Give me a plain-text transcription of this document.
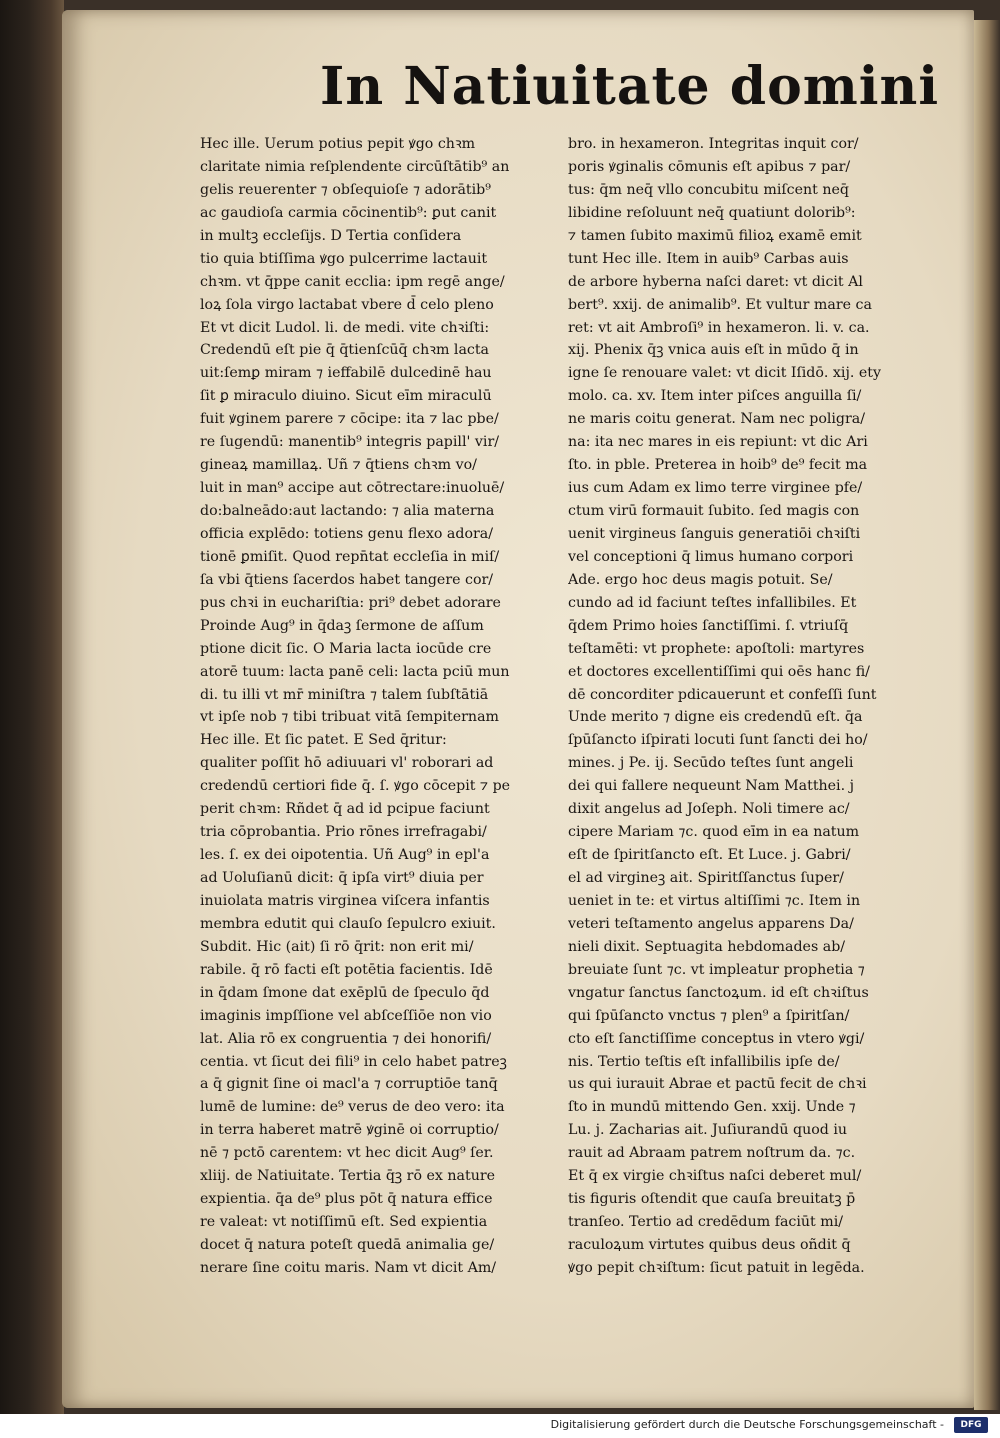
In Natiuitate domini
Hec ille. Uerum potius pepit ꝟgo chꝛm
claritate nimia reſplendente circūſtātib⁹ an
gelis reuerenter ⁊ obſequioſe ⁊ adorātib⁹
ac gaudioſa carmia cōcinentib⁹: ꝑut canit
in multꝫ eccleſijs. D Tertia conſidera
tio quia btiſſima ꝟgo pulcerrime lactauit
chꝛm. vt q̄ppe canit ecclia: ipm regē ange/
loꝝ ſola virgo lactabat vbere d̄ celo pleno
Et vt dicit Ludol. li. de medi. vite chꝛiſti:
Credendū eſt pie q̄ q̄tienſcūq̄ chꝛm lacta
uit:ſemꝑ miram ⁊ ieffabilē dulcedinē hau
ſit ꝑ miraculo diuino. Sicut eīm miraculū
fuit ꝟginem parere ⁊ cōcipe: ita ⁊ lac pbe/
re ſugendū: manentib⁹ integris papill' vir/
gineaꝝ mamillaꝝ. Uñ ⁊ q̄tiens chꝛm vo/
luit in man⁹ accipe aut cōtrectare:inuoluē/
do:balneādo:aut lactando: ⁊ alia materna
officia explēdo: totiens genu flexo adora/
tionē ꝑmiſit. Quod repn̄tat eccleſia in miſ/
ſa vbi q̄tiens ſacerdos habet tangere cor/
pus chꝛi in euchariſtia: pri⁹ debet adorare
Proinde Aug⁹ in q̄daꝫ ſermone de aſſum
ptione dicit ſic. O Maria lacta iocūde cre
atorē tuum: lacta panē celi: lacta pciū mun
di. tu illi vt mr̄ miniſtra ⁊ talem ſubſtātiā
vt ipſe nob ⁊ tibi tribuat vitā ſempiternam
Hec ille. Et ſic patet. E Sed q̄ritur:
qualiter poſſit hō adiuuari vl' roborari ad
credendū certiori fide q̄. ſ. ꝟgo cōcepit ⁊ pe
perit chꝛm: Rñdet q̄ ad id pcipue faciunt
tria cōprobantia. Prio rōnes irrefragabi/
les. ſ. ex dei oipotentia. Uñ Aug⁹ in epl'a
ad Uoluſianū dicit: q̄ ipſa virt⁹ diuia per
inuiolata matris virginea viſcera infantis
membra edutit qui clauſo ſepulcro exiuit.
Subdit. Hic (ait) ſi rō q̄rit: non erit mi/
rabile. q̄ rō facti eſt potētia facientis. Idē
in q̄dam ſmone dat exēplū de ſpeculo q̄d
imaginis impſſione vel abſceſſiōe non vio
lat. Alia rō ex congruentia ⁊ dei honorifi/
centia. vt ſicut dei fili⁹ in celo habet patreꝫ
a q̄ gignit ſine oi macl'a ⁊ corruptiōe tanq̄
lumē de lumine: de⁹ verus de deo vero: ita
in terra haberet matrē ꝟginē oi corruptio/
nē ⁊ pctō carentem: vt hec dicit Aug⁹ ſer.
xliij. de Natiuitate. Tertia q̄ꝫ rō ex nature
expientia. q̄a de⁹ plus pōt q̄ natura effice
re valeat: vt notiſſimū eſt. Sed expientia
docet q̄ natura poteſt quedā animalia ge/
nerare ſine coitu maris. Nam vt dicit Am/
bro. in hexameron. Integritas inquit cor/
poris ꝟginalis cōmunis eſt apibus ⁊ par/
tus: q̄m neq̄ vllo concubitu miſcent neq̄
libidine reſoluunt neq̄ quatiunt dolorib⁹:
⁊ tamen ſubito maximū filioꝝ examē emit
tunt Hec ille. Item in auib⁹ Carbas auis
de arbore hyberna naſci daret: vt dicit Al
bert⁹. xxij. de animalib⁹. Et vultur mare ca
ret: vt ait Ambroſi⁹ in hexameron. li. v. ca.
xij. Phenix q̄ꝫ vnica auis eſt in mūdo q̄ in
igne ſe renouare valet: vt dicit Iſidō. xij. ety
molo. ca. xv. Item inter piſces anguilla ſi/
ne maris coitu generat. Nam nec poligra/
na: ita nec mares in eis repiunt: vt dic Ari
ſto. in pble. Preterea in hoib⁹ de⁹ fecit ma
ius cum Adam ex limo terre virginee pfe/
ctum virū formauit ſubito. ſed magis con
uenit virgineus ſanguis generatiōi chꝛiſti
vel conceptioni q̄ limus humano corpori
Ade. ergo hoc deus magis potuit. Se/
cundo ad id faciunt teſtes infallibiles. Et
q̄dem Primo hoies ſanctiſſimi. ſ. vtriuſq̄
teſtamēti: vt prophete: apoſtoli: martyres
et doctores excellentiſſimi qui oēs hanc fi/
dē concorditer pdicauerunt et confeſſi ſunt
Unde merito ⁊ digne eis credendū eſt. q̄a
ſpūſancto iſpirati locuti ſunt ſancti dei ho/
mines. j Pe. ij. Secūdo teſtes ſunt angeli
dei qui fallere nequeunt Nam Matthei. j
dixit angelus ad Joſeph. Noli timere ac/
cipere Mariam ⁊c. quod eīm in ea natum
eſt de ſpiritſancto eſt. Et Luce. j. Gabri/
el ad virgineꝫ ait. Spiritſſanctus ſuper/
ueniet in te: et virtus altiſſimi ⁊c. Item in
veteri teſtamento angelus apparens Da/
nieli dixit. Septuagita hebdomades ab/
breuiate ſunt ⁊c. vt impleatur prophetia ⁊
vngatur ſanctus ſanctoꝝum. id eſt chꝛiſtus
qui ſpūſancto vnctus ⁊ plen⁹ a ſpiritſan/
cto eſt ſanctiſſime conceptus in vtero ꝟgi/
nis. Tertio teſtis eſt infallibilis ipſe de/
us qui iurauit Abrae et pactū fecit de chꝛi
ſto in mundū mittendo Gen. xxij. Unde ⁊
Lu. j. Zacharias ait. Juſiurandū quod iu
rauit ad Abraam patrem noſtrum da. ⁊c.
Et q̄ ex virgie chꝛiſtus naſci deberet mul/
tis figuris oſtendit que cauſa breuitatꝫ p̄
tranſeo. Tertio ad credēdum faciūt mi/
raculoꝝum virtutes quibus deus oñdit q̄
ꝟgo pepit chꝛiſtum: ſicut patuit in legēda.
Digitalisierung gefördert durch die Deutsche Forschungsgemeinschaft -	DFG
